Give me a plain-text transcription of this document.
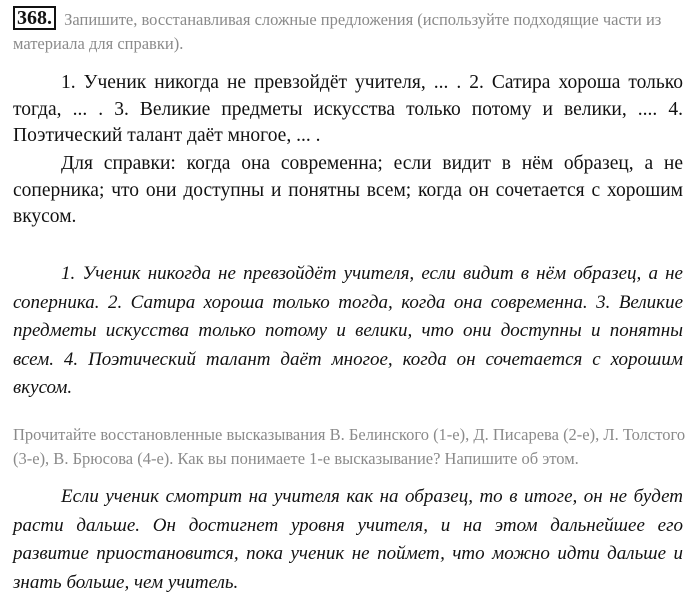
368. Запишите, восстанавливая сложные предложения (используйте подходящие части из материала для справки).

1. Ученик никогда не превзойдёт учителя, ... . 2. Сатира хороша только тогда, ... . 3. Великие предметы искусства только потому и велики, .... 4. Поэтический талант даёт многое, ... .

Для справки: когда она современна; если видит в нём образец, а не соперника; что они доступны и понятны всем; когда он сочетается с хорошим вкусом.

1. Ученик никогда не превзойдёт учителя, если видит в нём образец, а не соперника. 2. Сатира хороша только тогда, когда она современна. 3. Великие предметы искусства только потому и велики, что они доступны и понятны всем. 4. Поэтический талант даёт многое, когда он сочетается с хорошим вкусом.

Прочитайте восстановленные высказывания В. Белинского (1-е), Д. Писарева (2-е), Л. Толстого (3-е), В. Брюсова (4-е). Как вы понимаете 1-е высказывание? Напишите об этом.

Если ученик смотрит на учителя как на образец, то в итоге, он не будет расти дальше. Он достигнет уровня учителя, и на этом дальнейшее его развитие приостановится, пока ученик не поймет, что можно идти дальше и знать больше, чем учитель.
